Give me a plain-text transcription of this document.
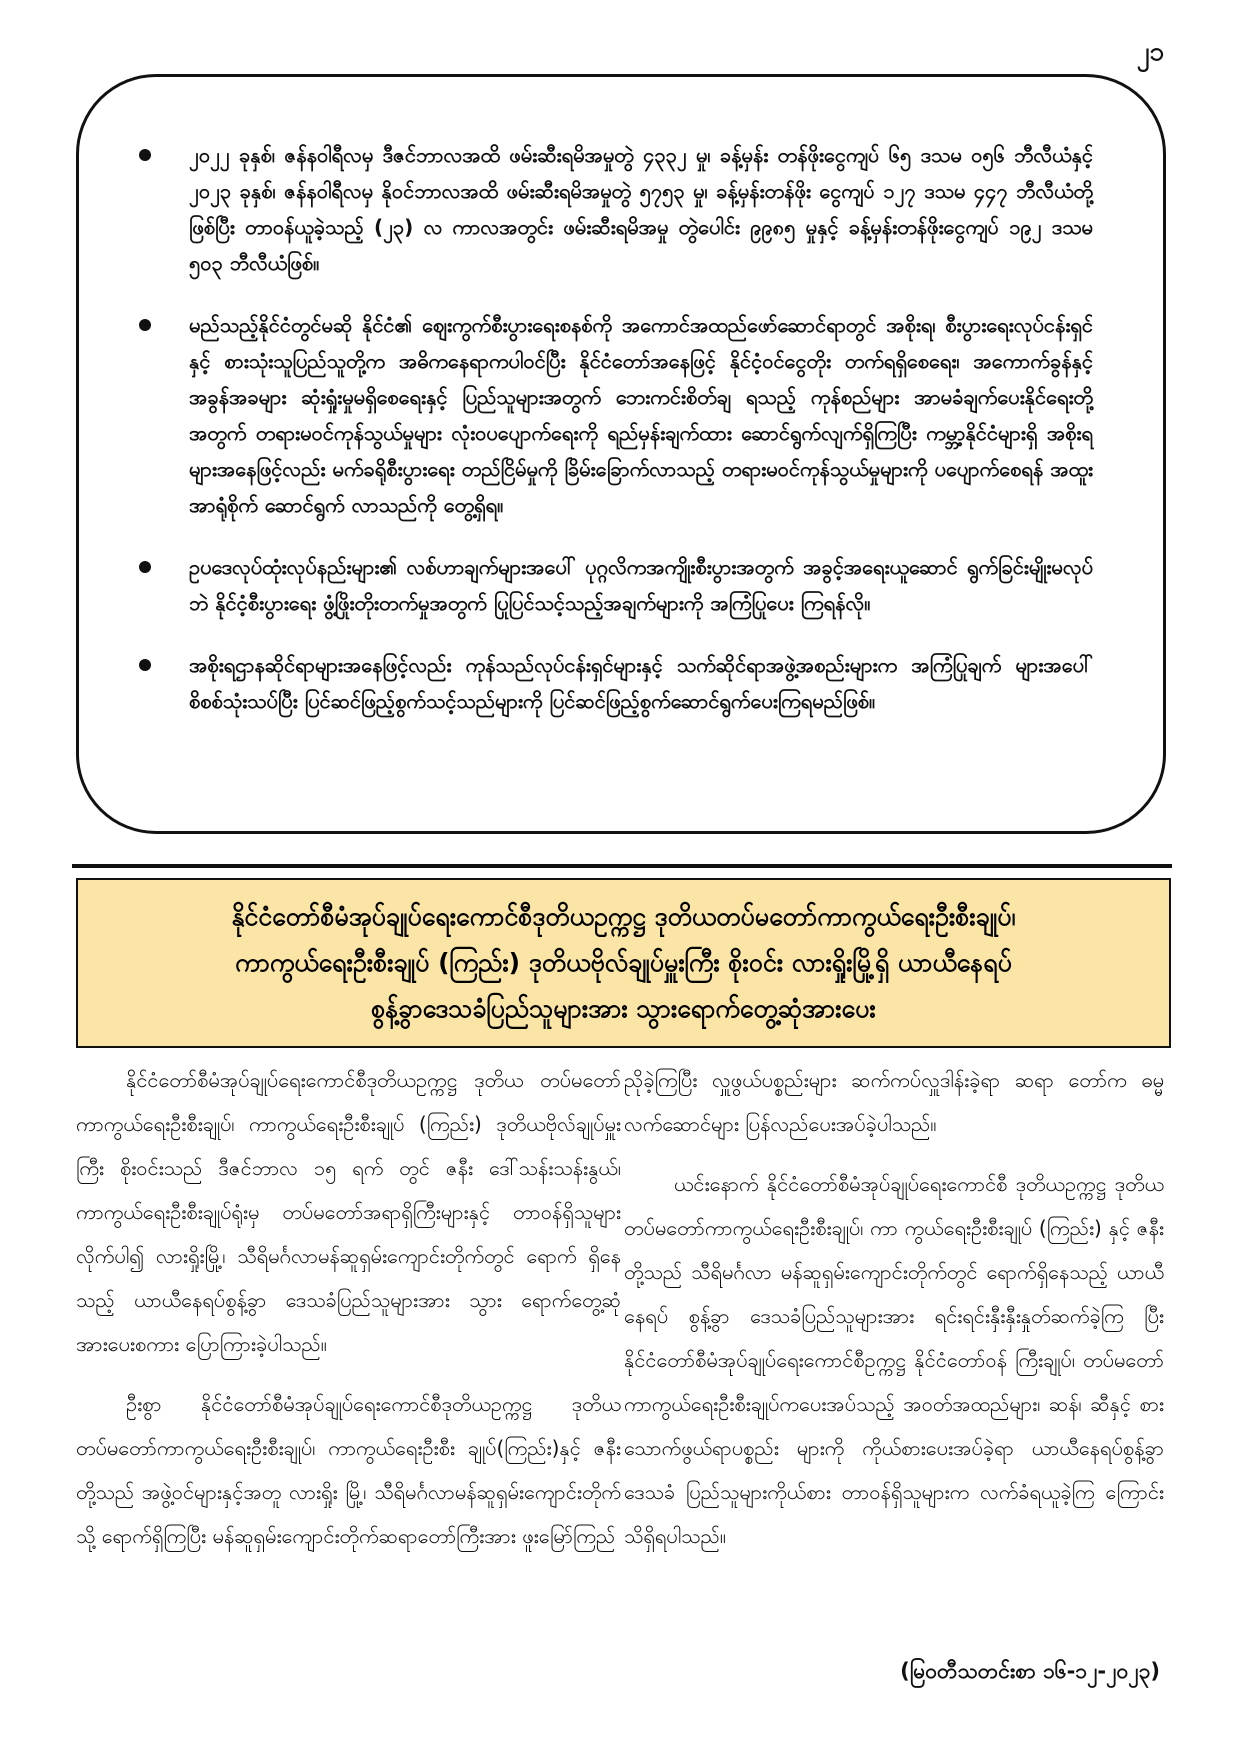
၂၁
၂၀၂၂ ခုနှစ်၊ ဇန်နဝါရီလမှ ဒီဇင်ဘာလအထိ ဖမ်းဆီးရမိအမှုတွဲ ၄၃၃၂ မှု၊ ခန့်မှန်း တန်ဖိုးငွေကျပ် ၆၅ ဒသမ ၀၅၆ ဘီလီယံနှင့် ၂၀၂၃ ခုနှစ်၊ ဇန်နဝါရီလမှ နိုဝင်ဘာလအထိ ဖမ်းဆီးရမိအမှုတွဲ ၅၇၅၃ မှု၊ ခန့်မှန်းတန်ဖိုး ငွေကျပ် ၁၂၇ ဒသမ ၄၄၇ ဘီလီယံတို့ဖြစ်ပြီး တာဝန်ယူခဲ့သည့် (၂၃) လ ကာလအတွင်း ဖမ်းဆီးရမိအမှု တွဲပေါင်း ၉၉၈၅ မှုနှင့် ခန့်မှန်းတန်ဖိုးငွေကျပ် ၁၉၂ ဒသမ ၅၀၃ ဘီလီယံဖြစ်။
မည်သည့်နိုင်ငံတွင်မဆို နိုင်ငံ၏ ဈေးကွက်စီးပွားရေးစနစ်ကို အကောင်အထည်ဖော်ဆောင်ရာတွင် အစိုးရ၊ စီးပွားရေးလုပ်ငန်းရှင်နှင့် စားသုံးသူပြည်သူတို့က အဓိကနေရာကပါဝင်ပြီး နိုင်ငံတော်အနေဖြင့် နိုင်ငံ့ဝင်ငွေတိုး တက်ရရှိစေရေး၊ အကောက်ခွန်နှင့် အခွန်အခများ ဆုံးရှုံးမှုမရှိစေရေးနှင့် ပြည်သူများအတွက် ဘေးကင်းစိတ်ချ ရသည့် ကုန်စည်များ အာမခံချက်ပေးနိုင်ရေးတို့အတွက် တရားမဝင်ကုန်သွယ်မှုများ လုံးဝပပျောက်ရေးကို ရည်မှန်းချက်ထား ဆောင်ရွက်လျက်ရှိကြပြီး ကမ္ဘာ့နိုင်ငံများရှိ အစိုးရများအနေဖြင့်လည်း မက်ခရိုစီးပွားရေး တည်ငြိမ်မှုကို ခြိမ်းခြောက်လာသည့် တရားမဝင်ကုန်သွယ်မှုများကို ပပျောက်စေရန် အထူးအာရုံစိုက် ဆောင်ရွက် လာသည်ကို တွေ့ရှိရ။
ဥပဒေလုပ်ထုံးလုပ်နည်းများ၏ လစ်ဟာချက်များအပေါ် ပုဂ္ဂလိကအကျိုးစီးပွားအတွက် အခွင့်အရေးယူဆောင် ရွက်ခြင်းမျိုးမလုပ်ဘဲ နိုင်ငံ့စီးပွားရေး ဖွံ့ဖြိုးတိုးတက်မှုအတွက် ပြုပြင်သင့်သည့်အချက်များကို အကြံပြုပေး ကြရန်လို။
အစိုးရဌာနဆိုင်ရာများအနေဖြင့်လည်း ကုန်သည်လုပ်ငန်းရှင်များနှင့် သက်ဆိုင်ရာအဖွဲ့အစည်းများက အကြံပြုချက် များအပေါ် စိစစ်သုံးသပ်ပြီး ပြင်ဆင်ဖြည့်စွက်သင့်သည်များကို ပြင်ဆင်ဖြည့်စွက်ဆောင်ရွက်ပေးကြရမည်ဖြစ်။
နိုင်ငံတော်စီမံအုပ်ချုပ်ရေးကောင်စီဒုတိယဥက္ကဋ္ဌ ဒုတိယတပ်မတော်ကာကွယ်ရေးဦးစီးချုပ်၊
ကာကွယ်ရေးဦးစီးချုပ် (ကြည်း) ဒုတိယဗိုလ်ချုပ်မှူးကြီး စိုးဝင်း လားရှိုးမြို့ရှိ ယာယီနေရပ်
စွန့်ခွာဒေသခံပြည်သူများအား သွားရောက်တွေ့ဆုံအားပေး

နိုင်ငံတော်စီမံအုပ်ချုပ်ရေးကောင်စီဒုတိယဥက္ကဋ္ဌ ဒုတိယ တပ်မတော်ကာကွယ်ရေးဦးစီးချုပ်၊ ကာကွယ်ရေးဦးစီးချုပ် (ကြည်း) ဒုတိယဗိုလ်ချုပ်မှူးကြီး စိုးဝင်းသည် ဒီဇင်ဘာလ ၁၅ ရက် တွင် ဇနီး ဒေါ်သန်းသန်းနွယ်၊ ကာကွယ်ရေးဦးစီးချုပ်ရုံးမှ တပ်မတော်အရာရှိကြီးများနှင့် တာဝန်ရှိသူများလိုက်ပါ၍ လားရှိုးမြို့၊ သီရိမင်္ဂလာမန်ဆူရှမ်းကျောင်းတိုက်တွင် ရောက် ရှိနေသည့် ယာယီနေရပ်စွန့်ခွာ ဒေသခံပြည်သူများအား သွား ရောက်တွေ့ဆုံအားပေးစကား ပြောကြားခဲ့ပါသည်။

ဦးစွာ နိုင်ငံတော်စီမံအုပ်ချုပ်ရေးကောင်စီဒုတိယဥက္ကဋ္ဌ ဒုတိယတပ်မတော်ကာကွယ်ရေးဦးစီးချုပ်၊ ကာကွယ်ရေးဦးစီး ချုပ်(ကြည်း)နှင့် ဇနီးတို့သည် အဖွဲ့ဝင်များနှင့်အတူ လားရှိုး မြို့၊ သီရိမင်္ဂလာမန်ဆူရှမ်းကျောင်းတိုက်သို့ ရောက်ရှိကြပြီး မန်ဆူရှမ်းကျောင်းတိုက်ဆရာတော်ကြီးအား ဖူးမြော်ကြည်

ညိုခဲ့ကြပြီး လှူဖွယ်ပစ္စည်းများ ဆက်ကပ်လှူဒါန်းခဲ့ရာ ဆရာ တော်က ဓမ္မလက်ဆောင်များ ပြန်လည်ပေးအပ်ခဲ့ပါသည်။

ယင်းနောက် နိုင်ငံတော်စီမံအုပ်ချုပ်ရေးကောင်စီ ဒုတိယဥက္ကဋ္ဌ ဒုတိယတပ်မတော်ကာကွယ်ရေးဦးစီးချုပ်၊ ကာ ကွယ်ရေးဦးစီးချုပ် (ကြည်း) နှင့် ဇနီးတို့သည် သီရိမင်္ဂလာ မန်ဆူရှမ်းကျောင်းတိုက်တွင် ရောက်ရှိနေသည့် ယာယီနေရပ် စွန့်ခွာ ဒေသခံပြည်သူများအား ရင်းရင်းနှီးနှီးနှုတ်ဆက်ခဲ့ကြ ပြီး နိုင်ငံတော်စီမံအုပ်ချုပ်ရေးကောင်စီဥက္ကဋ္ဌ နိုင်ငံတော်ဝန် ကြီးချုပ်၊ တပ်မတော်ကာကွယ်ရေးဦးစီးချုပ်ကပေးအပ်သည့် အဝတ်အထည်များ၊ ဆန်၊ ဆီနှင့် စားသောက်ဖွယ်ရာပစ္စည်း များကို ကိုယ်စားပေးအပ်ခဲ့ရာ ယာယီနေရပ်စွန့်ခွာ ဒေသခံ ပြည်သူများကိုယ်စား တာဝန်ရှိသူများက လက်ခံရယူခဲ့ကြ ကြောင်း သိရှိရပါသည်။

(မြဝတီသတင်းစာ ၁၆-၁၂-၂၀၂၃)
